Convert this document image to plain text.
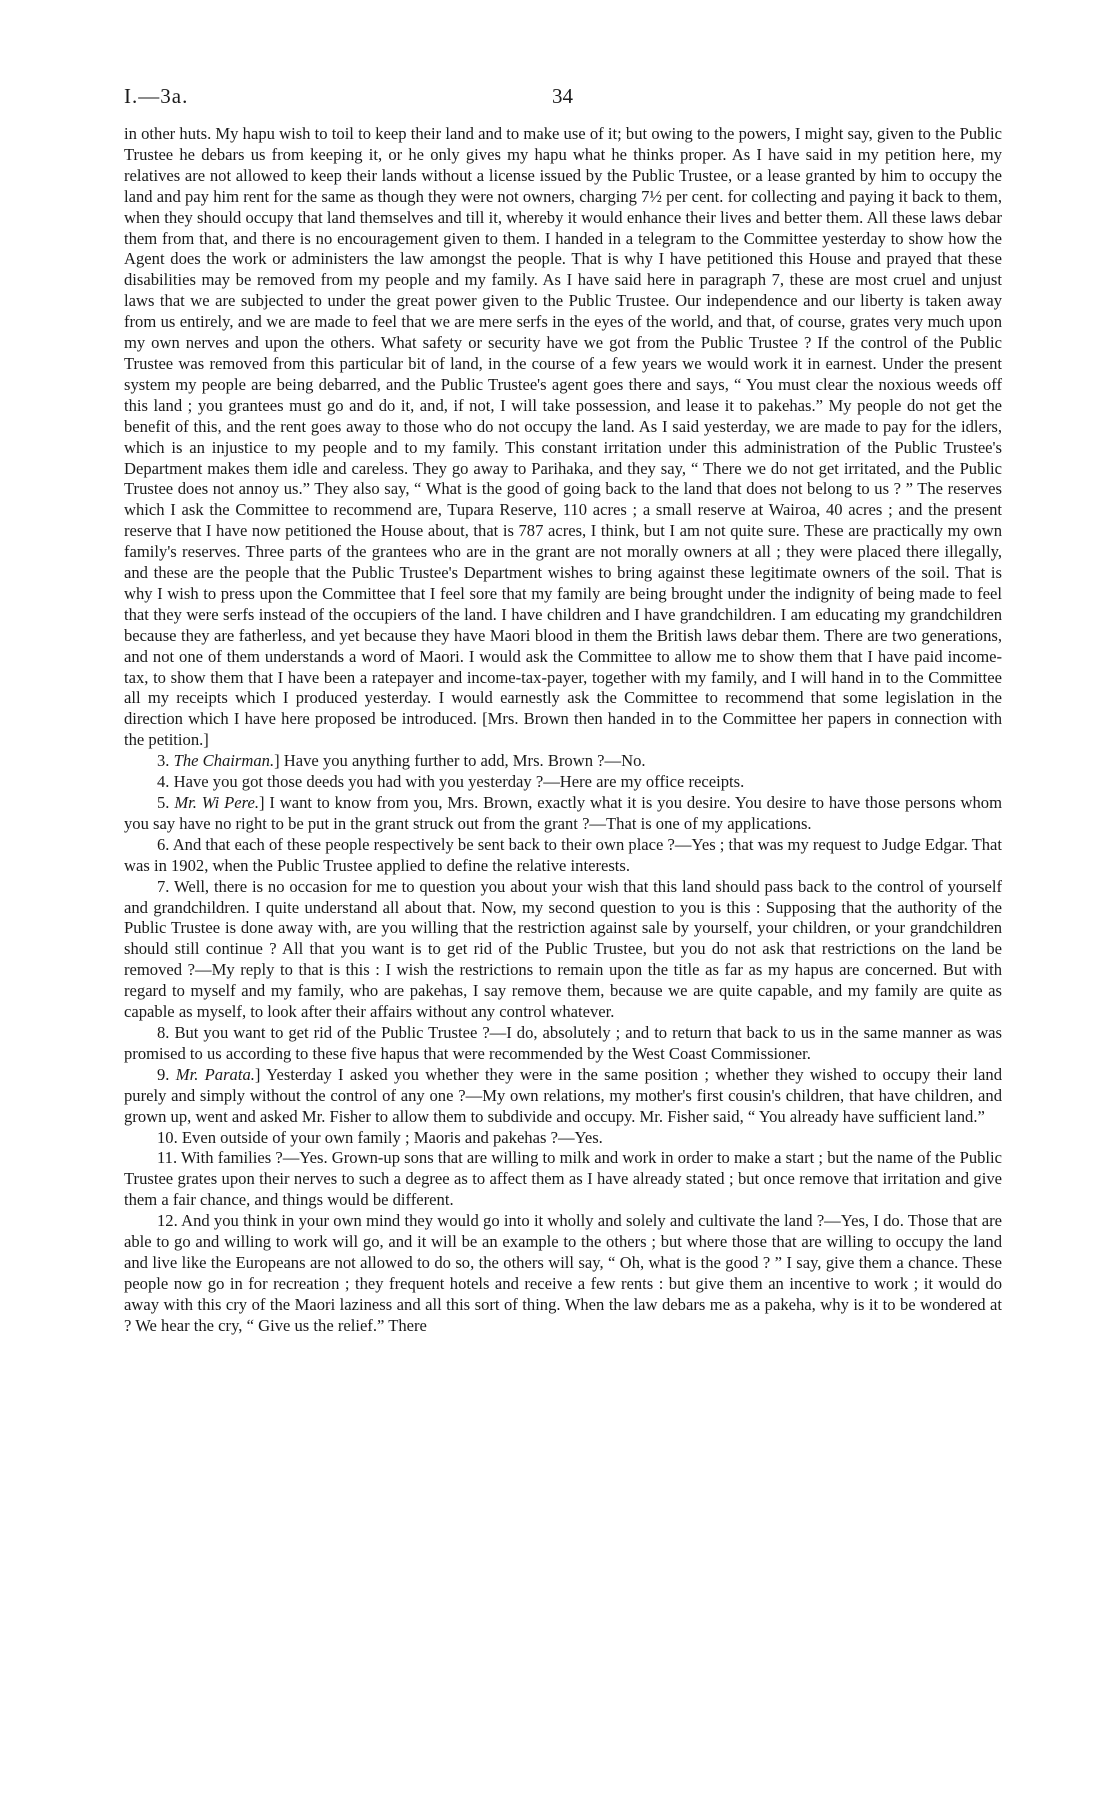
I.—3a.	34

in other huts. My hapu wish to toil to keep their land and to make use of it; but owing to the powers, I might say, given to the Public Trustee he debars us from keeping it, or he only gives my hapu what he thinks proper. As I have said in my petition here, my relatives are not allowed to keep their lands without a license issued by the Public Trustee, or a lease granted by him to occupy the land and pay him rent for the same as though they were not owners, charging 7½ per cent. for collecting and paying it back to them, when they should occupy that land themselves and till it, whereby it would enhance their lives and better them. All these laws debar them from that, and there is no encouragement given to them. I handed in a telegram to the Committee yesterday to show how the Agent does the work or administers the law amongst the people. That is why I have petitioned this House and prayed that these disabilities may be removed from my people and my family. As I have said here in paragraph 7, these are most cruel and unjust laws that we are subjected to under the great power given to the Public Trustee. Our independence and our liberty is taken away from us entirely, and we are made to feel that we are mere serfs in the eyes of the world, and that, of course, grates very much upon my own nerves and upon the others. What safety or security have we got from the Public Trustee ? If the control of the Public Trustee was removed from this particular bit of land, in the course of a few years we would work it in earnest. Under the present system my people are being debarred, and the Public Trustee's agent goes there and says, “ You must clear the noxious weeds off this land ; you grantees must go and do it, and, if not, I will take possession, and lease it to pakehas.” My people do not get the benefit of this, and the rent goes away to those who do not occupy the land. As I said yesterday, we are made to pay for the idlers, which is an injustice to my people and to my family. This constant irritation under this administration of the Public Trustee's Department makes them idle and careless. They go away to Parihaka, and they say, “ There we do not get irritated, and the Public Trustee does not annoy us.” They also say, “ What is the good of going back to the land that does not belong to us ? ” The reserves which I ask the Committee to recommend are, Tupara Reserve, 110 acres ; a small reserve at Wairoa, 40 acres ; and the present reserve that I have now petitioned the House about, that is 787 acres, I think, but I am not quite sure. These are practically my own family's reserves. Three parts of the grantees who are in the grant are not morally owners at all ; they were placed there illegally, and these are the people that the Public Trustee's Department wishes to bring against these legitimate owners of the soil. That is why I wish to press upon the Committee that I feel sore that my family are being brought under the indignity of being made to feel that they were serfs instead of the occupiers of the land. I have children and I have grandchildren. I am educating my grandchildren because they are fatherless, and yet because they have Maori blood in them the British laws debar them. There are two generations, and not one of them understands a word of Maori. I would ask the Committee to allow me to show them that I have paid income-tax, to show them that I have been a ratepayer and income-tax-payer, together with my family, and I will hand in to the Committee all my receipts which I produced yesterday. I would earnestly ask the Committee to recommend that some legislation in the direction which I have here proposed be introduced. [Mrs. Brown then handed in to the Committee her papers in connection with the petition.]

3. The Chairman.] Have you anything further to add, Mrs. Brown ?—No.

4. Have you got those deeds you had with you yesterday ?—Here are my office receipts.

5. Mr. Wi Pere.] I want to know from you, Mrs. Brown, exactly what it is you desire. You desire to have those persons whom you say have no right to be put in the grant struck out from the grant ?—That is one of my applications.

6. And that each of these people respectively be sent back to their own place ?—Yes ; that was my request to Judge Edgar. That was in 1902, when the Public Trustee applied to define the relative interests.

7. Well, there is no occasion for me to question you about your wish that this land should pass back to the control of yourself and grandchildren. I quite understand all about that. Now, my second question to you is this : Supposing that the authority of the Public Trustee is done away with, are you willing that the restriction against sale by yourself, your children, or your grandchildren should still continue ? All that you want is to get rid of the Public Trustee, but you do not ask that restrictions on the land be removed ?—My reply to that is this : I wish the restrictions to remain upon the title as far as my hapus are concerned. But with regard to myself and my family, who are pakehas, I say remove them, because we are quite capable, and my family are quite as capable as myself, to look after their affairs without any control whatever.

8. But you want to get rid of the Public Trustee ?—I do, absolutely ; and to return that back to us in the same manner as was promised to us according to these five hapus that were recommended by the West Coast Commissioner.

9. Mr. Parata.] Yesterday I asked you whether they were in the same position ; whether they wished to occupy their land purely and simply without the control of any one ?—My own relations, my mother's first cousin's children, that have children, and grown up, went and asked Mr. Fisher to allow them to subdivide and occupy. Mr. Fisher said, “ You already have sufficient land.”

10. Even outside of your own family ; Maoris and pakehas ?—Yes.

11. With families ?—Yes. Grown-up sons that are willing to milk and work in order to make a start ; but the name of the Public Trustee grates upon their nerves to such a degree as to affect them as I have already stated ; but once remove that irritation and give them a fair chance, and things would be different.

12. And you think in your own mind they would go into it wholly and solely and cultivate the land ?—Yes, I do. Those that are able to go and willing to work will go, and it will be an example to the others ; but where those that are willing to occupy the land and live like the Europeans are not allowed to do so, the others will say, “ Oh, what is the good ? ” I say, give them a chance. These people now go in for recreation ; they frequent hotels and receive a few rents : but give them an incentive to work ; it would do away with this cry of the Maori laziness and all this sort of thing. When the law debars me as a pakeha, why is it to be wondered at ? We hear the cry, “ Give us the relief.” There
